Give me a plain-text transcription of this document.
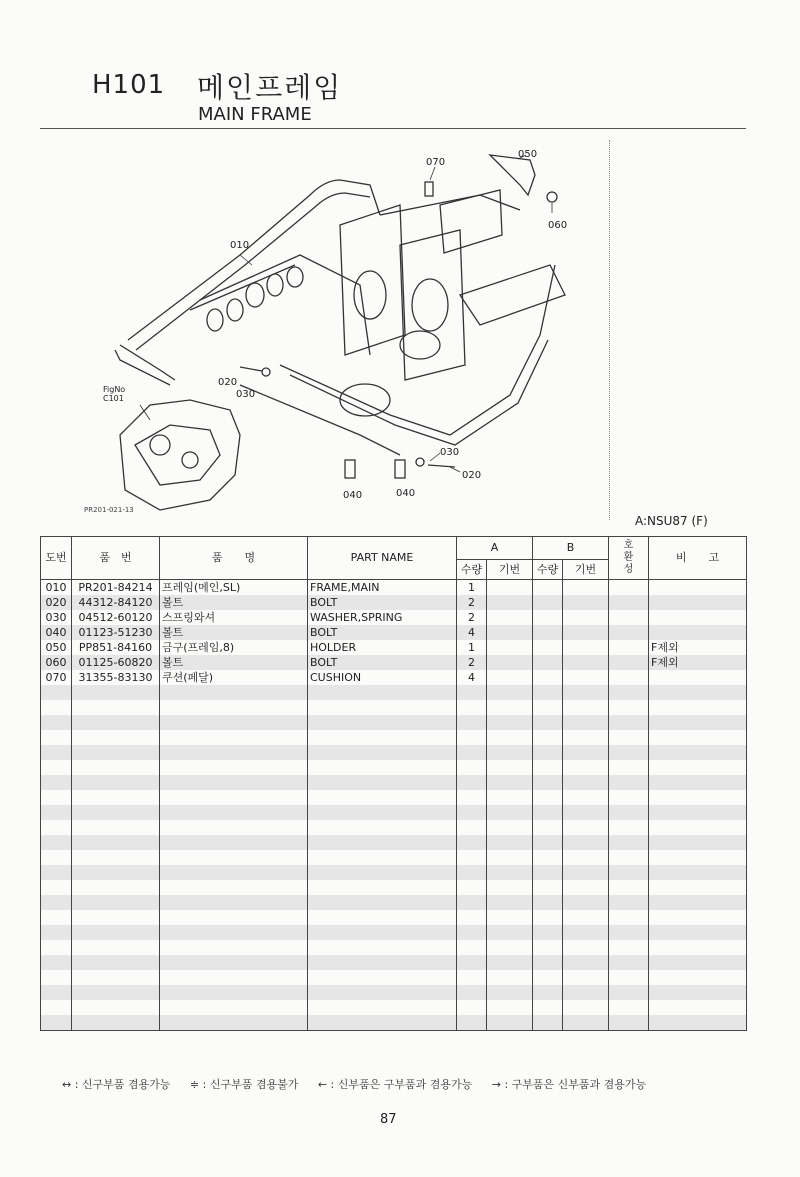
H101 메인프레임
MAIN FRAME
070
050
060
010
FigNo C101
020
030
030
020
040	040
PR201-021-13
A:NSU87 (F)
도번	품　번	품　　명	PART NAME	A		B		호환성	비　　고
				수량	기번	수량	기번		
010	PR201-84214	프레임(메인,SL)	FRAME,MAIN	1					
020	44312-84120	볼트	BOLT	2					
030	04512-60120	스프링와셔	WASHER,SPRING	2					
040	01123-51230	볼트	BOLT	4					
050	PP851-84160	금구(프레임,8)	HOLDER	1					F제외
060	01125-60820	볼트	BOLT	2					F제외
070	31355-83130	쿠션(페달)	CUSHION	4					

↔ : 신구부품 겸용가능 ≑ : 신구부품 겸용불가 ← : 신부품은 구부품과 겸용가능 → : 구부품은 신부품과 겸용가능
87
